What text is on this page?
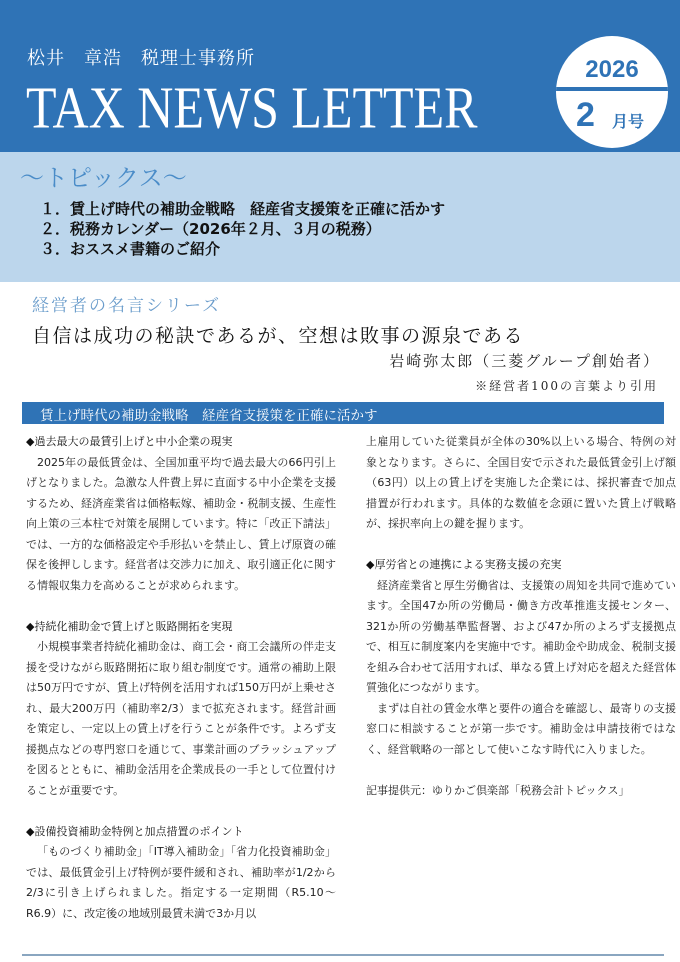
松井　章浩　税理士事務所
TAX NEWS LETTER
2026
2 月号
～トピックス～
１．賃上げ時代の補助金戦略　経産省支援策を正確に活かす
２．税務カレンダー（2026年２月、３月の税務）
３．おススメ書籍のご紹介
経営者の名言シリーズ
自信は成功の秘訣であるが、空想は敗事の源泉である
岩崎弥太郎（三菱グループ創始者）
※経営者100の言葉より引用
賃上げ時代の補助金戦略　経産省支援策を正確に活かす
◆過去最大の最賃引上げと中小企業の現実
2025年の最低賃金は、全国加重平均で過去最大の66円引上げとなりました。急激な人件費上昇に直面する中小企業を支援するため、経済産業省は価格転嫁、補助金・税制支援、生産性向上策の三本柱で対策を展開しています。特に「改正下請法」では、一方的な価格設定や手形払いを禁止し、賃上げ原資の確保を後押しします。経営者は交渉力に加え、取引適正化に関する情報収集力を高めることが求められます。
◆持続化補助金で賃上げと販路開拓を実現
小規模事業者持続化補助金は、商工会・商工会議所の伴走支援を受けながら販路開拓に取り組む制度です。通常の補助上限は50万円ですが、賃上げ特例を活用すれば150万円が上乗せされ、最大200万円（補助率2/3）まで拡充されます。経営計画を策定し、一定以上の賃上げを行うことが条件です。よろず支援拠点などの専門窓口を通じて、事業計画のブラッシュアップを図るとともに、補助金活用を企業成長の一手として位置付けることが重要です。
◆設備投資補助金特例と加点措置のポイント
「ものづくり補助金」「IT導入補助金」「省力化投資補助金」では、最低賃金引上げ特例が要件緩和され、補助率が1/2から2/3に引き上げられました。指定する一定期間（R5.10～R6.9）に、改定後の地域別最賃未満で3か月以
上雇用していた従業員が全体の30%以上いる場合、特例の対象となります。さらに、全国目安で示された最低賃金引上げ額（63円）以上の賃上げを実施した企業には、採択審査で加点措置が行われます。具体的な数値を念頭に置いた賃上げ戦略が、採択率向上の鍵を握ります。
◆厚労省との連携による実務支援の充実
経済産業省と厚生労働省は、支援策の周知を共同で進めています。全国47か所の労働局・働き方改革推進支援センター、321か所の労働基準監督署、および47か所のよろず支援拠点で、相互に制度案内を実施中です。補助金や助成金、税制支援を組み合わせて活用すれば、単なる賃上げ対応を超えた経営体質強化につながります。
まずは自社の賃金水準と要件の適合を確認し、最寄りの支援窓口に相談することが第一歩です。補助金は申請技術ではなく、経営戦略の一部として使いこなす時代に入りました。
記事提供元：ゆりかご倶楽部「税務会計トピックス」
